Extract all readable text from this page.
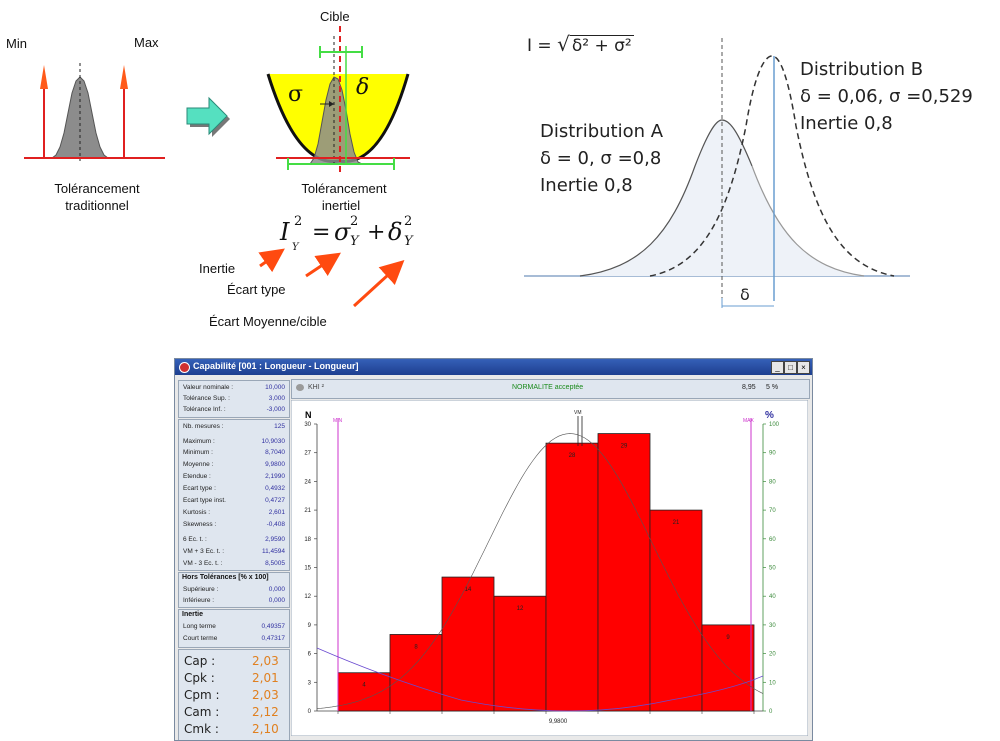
Min	Max
Tolérancement
traditionnel
Cible
σ δ
Tolérancement
inertiel
I 2
Y
= σ 2
Y + δ 2
Y
Inertie
Écart type
Écart Moyenne/cible
I = √ δ² + σ²
Distribution B
δ = 0,06, σ =0,529
Inertie 0,8
Distribution A
δ = 0, σ =0,8
Inertie 0,8
δ
Capabilité [001 : Longueur - Longueur]	_	□	×
Valeur nominale :	10,000
Tolérance Sup. :	3,000
Tolérance Inf. :	-3,000
Nb. mesures :	125
Maximum :	10,9030
Minimum :	8,7040
Moyenne :	9,9800
Etendue :	2,1990
Ecart type :	0,4932
Ecart type inst.	0,4727
Kurtosis :	2,601
Skewness :	-0,408
6 Ec. t. :	2,9590
VM + 3 Ec. t. :	11,4594
VM - 3 Ec. t. :	8,5005
Hors Tolérances [% x 100]
Supérieure :	0,000
Inférieure :	0,000
Inertie
Long terme	0,49357
Court terme	0,47317
Cap :	2,03
Cpk :	2,01
Cpm :	2,03
Cam :	2,12
Cmk :	2,10
KHI ²	NORMALITE acceptée	8,95 5 %
N	%
0
3
6
9
12
15
18
21
24
27
30
0
10
20
30
40
50
60
70
80
90
100
4
8
14
12
28
29
21
9
MIN	MAX
VM
9,9800
